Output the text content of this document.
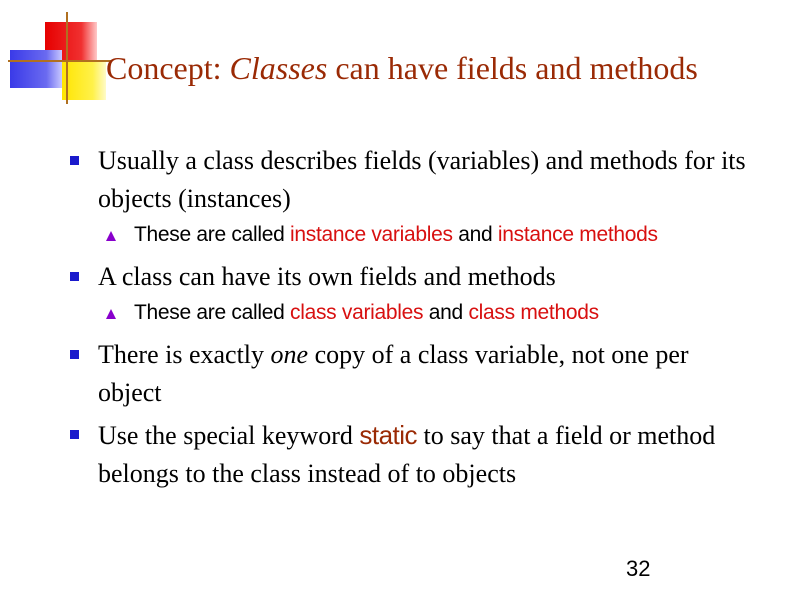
Concept: Classes can have fields and methods
Usually a class describes fields (variables) and methods for its objects (instances)
These are called instance variables and instance methods
A class can have its own fields and methods
These are called class variables and class methods
There is exactly one copy of a class variable, not one per object
Use the special keyword static to say that a field or method belongs to the class instead of to objects
32
